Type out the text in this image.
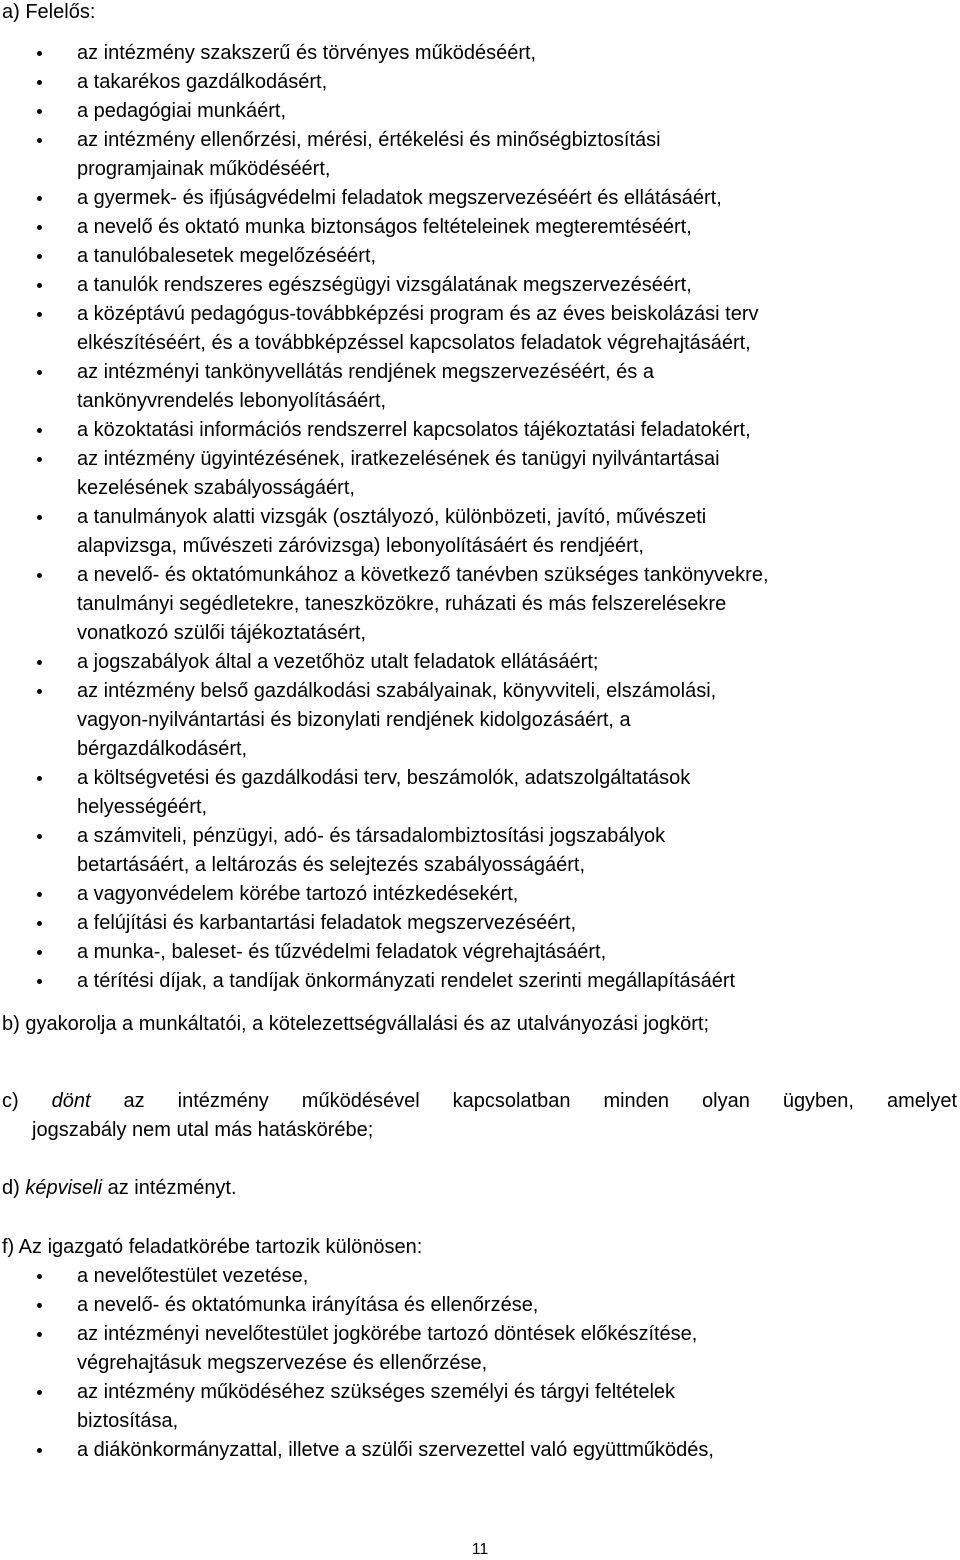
a) Felelős:
az intézmény szakszerű és törvényes működéséért,
a takarékos gazdálkodásért,
a pedagógiai munkáért,
az intézmény ellenőrzési, mérési, értékelési és minőségbiztosítási
programjainak működéséért,
a gyermek- és ifjúságvédelmi feladatok megszervezéséért és ellátásáért,
a nevelő és oktató munka biztonságos feltételeinek megteremtéséért,
a tanulóbalesetek megelőzéséért,
a tanulók rendszeres egészségügyi vizsgálatának megszervezéséért,
a középtávú pedagógus-továbbképzési program és az éves beiskolázási terv
elkészítéséért, és a továbbképzéssel kapcsolatos feladatok végrehajtásáért,
az intézményi tankönyvellátás rendjének megszervezéséért, és a
tankönyvrendelés lebonyolításáért,
a közoktatási információs rendszerrel kapcsolatos tájékoztatási feladatokért,
az intézmény ügyintézésének, iratkezelésének és tanügyi nyilvántartásai
kezelésének szabályosságáért,
a tanulmányok alatti vizsgák (osztályozó, különbözeti, javító, művészeti
alapvizsga, művészeti záróvizsga) lebonyolításáért és rendjéért,
a nevelő- és oktatómunkához a következő tanévben szükséges tankönyvekre,
tanulmányi segédletekre, taneszközökre, ruházati és más felszerelésekre
vonatkozó szülői tájékoztatásért,
a jogszabályok által a vezetőhöz utalt feladatok ellátásáért;
az intézmény belső gazdálkodási szabályainak, könyvviteli, elszámolási,
vagyon-nyilvántartási és bizonylati rendjének kidolgozásáért, a
bérgazdálkodásért,
a költségvetési és gazdálkodási terv, beszámolók, adatszolgáltatások
helyességéért,
a számviteli, pénzügyi, adó- és társadalombiztosítási jogszabályok
betartásáért, a leltározás és selejtezés szabályosságáért,
a vagyonvédelem körébe tartozó intézkedésekért,
a felújítási és karbantartási feladatok megszervezéséért,
a munka-, baleset- és tűzvédelmi feladatok végrehajtásáért,
a térítési díjak, a tandíjak önkormányzati rendelet szerinti megállapításáért
b) gyakorolja a munkáltatói, a kötelezettségvállalási és az utalványozási jogkört;
c) dönt az intézmény működésével kapcsolatban minden olyan ügyben, amelyet
jogszabály nem utal más hatáskörébe;
d) képviseli az intézményt.
f) Az igazgató feladatkörébe tartozik különösen:
a nevelőtestület vezetése,
a nevelő- és oktatómunka irányítása és ellenőrzése,
az intézményi nevelőtestület jogkörébe tartozó döntések előkészítése,
végrehajtásuk megszervezése és ellenőrzése,
az intézmény működéséhez szükséges személyi és tárgyi feltételek
biztosítása,
a diákönkormányzattal, illetve a szülői szervezettel való együttműködés,
11
